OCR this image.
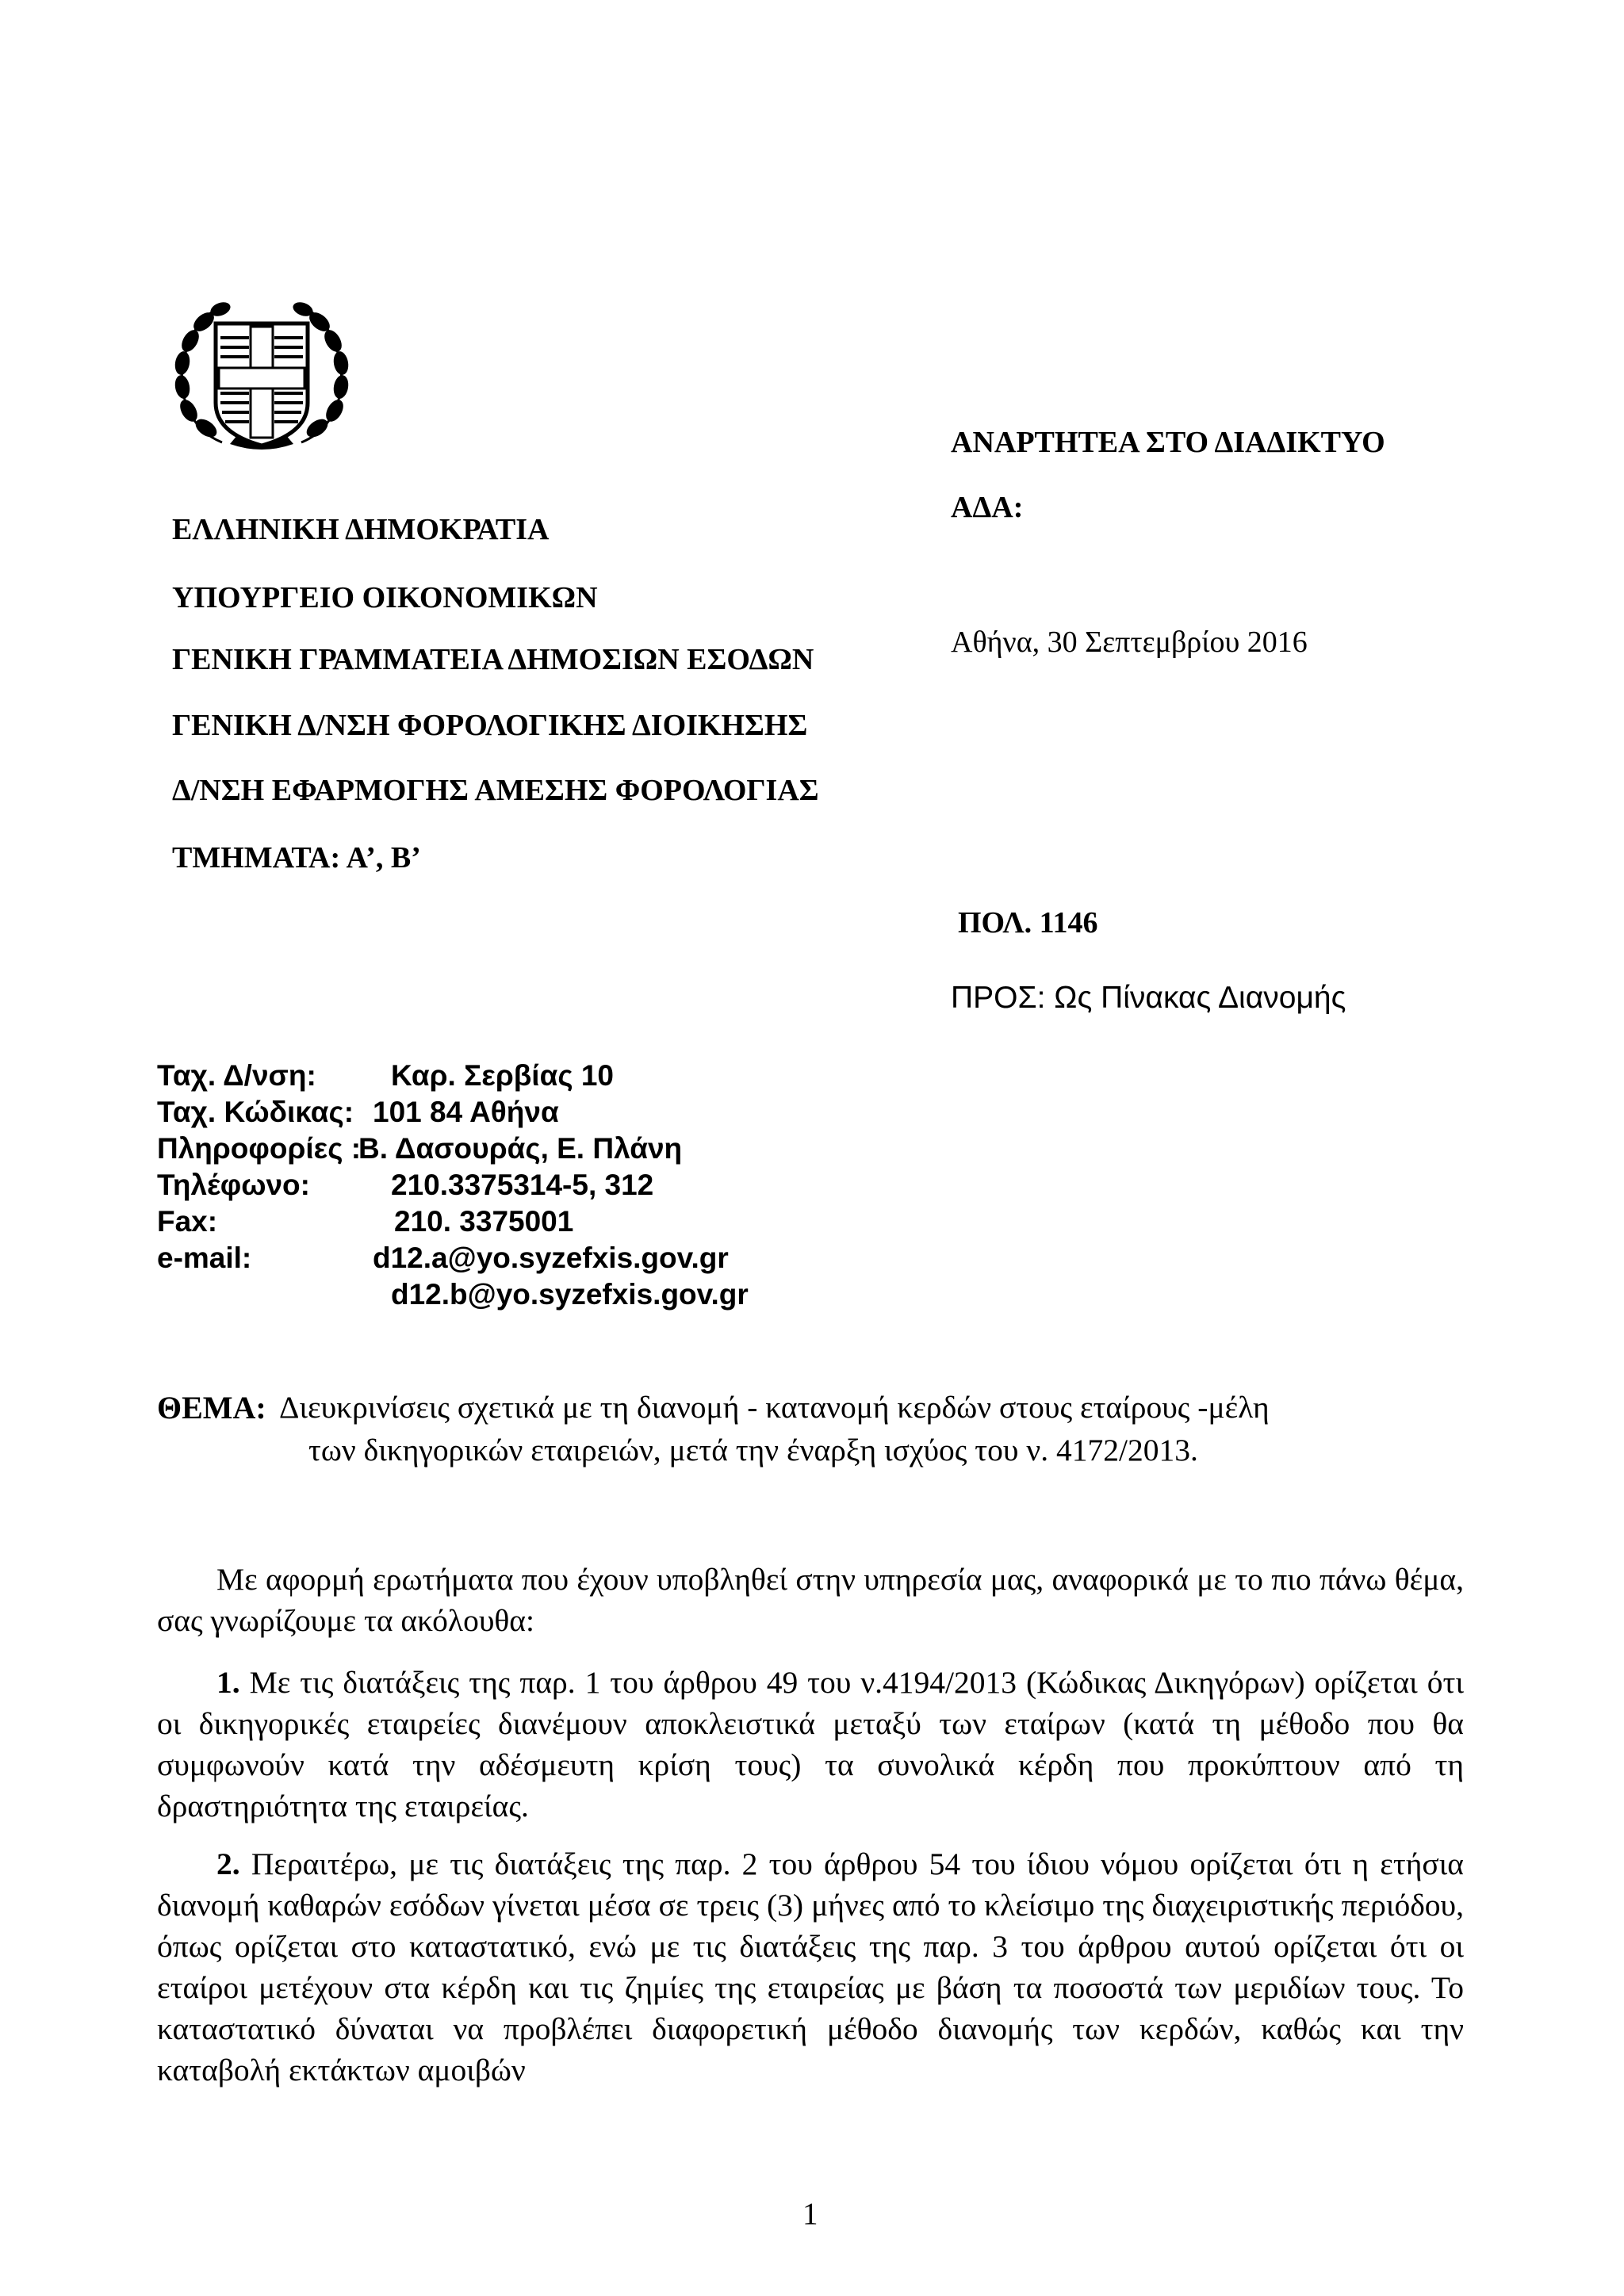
ΑΝΑΡΤΗΤΕΑ ΣΤΟ ΔΙΑΔΙΚΤΥΟ
ΑΔΑ:
Αθήνα, 30 Σεπτεμβρίου 2016
ΠΟΛ. 1146
ΠΡΟΣ: Ως Πίνακας Διανομής
ΕΛΛΗΝΙΚΗ ΔΗΜΟΚΡΑΤΙΑ
ΥΠΟΥΡΓΕΙΟ ΟΙΚΟΝΟΜΙΚΩΝ
ΓΕΝΙΚΗ ΓΡΑΜΜΑΤΕΙΑ ΔΗΜΟΣΙΩΝ ΕΣΟΔΩΝ
ΓΕΝΙΚΗ Δ/ΝΣΗ ΦΟΡΟΛΟΓΙΚΗΣ ΔΙΟΙΚΗΣΗΣ
Δ/ΝΣΗ ΕΦΑΡΜΟΓΗΣ ΑΜΕΣΗΣ ΦΟΡΟΛΟΓΙΑΣ
ΤΜΗΜΑΤΑ: Α’, Β’
Ταχ. Δ/νση:	Καρ. Σερβίας 10
Ταχ. Κώδικας: 101 84 Αθήνα
Πληροφορίες :
Β. Δασουράς, Ε. Πλάνη
Τηλέφωνο:	210.3375314-5, 312
Fax:	210. 3375001
e-mail:	d12.a@yo.syzefxis.gov.gr
d12.b@yo.syzefxis.gov.gr
ΘΕΜΑ: Διευκρινίσεις σχετικά με τη διανομή - κατανομή κερδών στους εταίρους -μέλη
των δικηγορικών εταιρειών, μετά την έναρξη ισχύος του ν. 4172/2013.
Με αφορμή ερωτήματα που έχουν υποβληθεί στην υπηρεσία μας, αναφορικά με το πιο πάνω θέμα, σας γνωρίζουμε τα ακόλουθα:
1. Με τις διατάξεις της παρ. 1 του άρθρου 49 του ν.4194/2013 (Κώδικας Δικηγόρων) ορίζεται ότι οι δικηγορικές εταιρείες διανέμουν αποκλειστικά μεταξύ των εταίρων (κατά τη μέθοδο που θα συμφωνούν κατά την αδέσμευτη κρίση τους) τα συνολικά κέρδη που προκύπτουν από τη δραστηριότητα της εταιρείας.
2. Περαιτέρω, με τις διατάξεις της παρ. 2 του άρθρου 54 του ίδιου νόμου ορίζεται ότι η ετήσια διανομή καθαρών εσόδων γίνεται μέσα σε τρεις (3) μήνες από το κλείσιμο της διαχειριστικής περιόδου, όπως ορίζεται στο καταστατικό, ενώ με τις διατάξεις της παρ. 3 του άρθρου αυτού ορίζεται ότι οι εταίροι μετέχουν στα κέρδη και τις ζημίες της εταιρείας με βάση τα ποσοστά των μεριδίων τους. Το καταστατικό δύναται να προβλέπει διαφορετική μέθοδο διανομής των κερδών, καθώς και την καταβολή εκτάκτων αμοιβών
1
